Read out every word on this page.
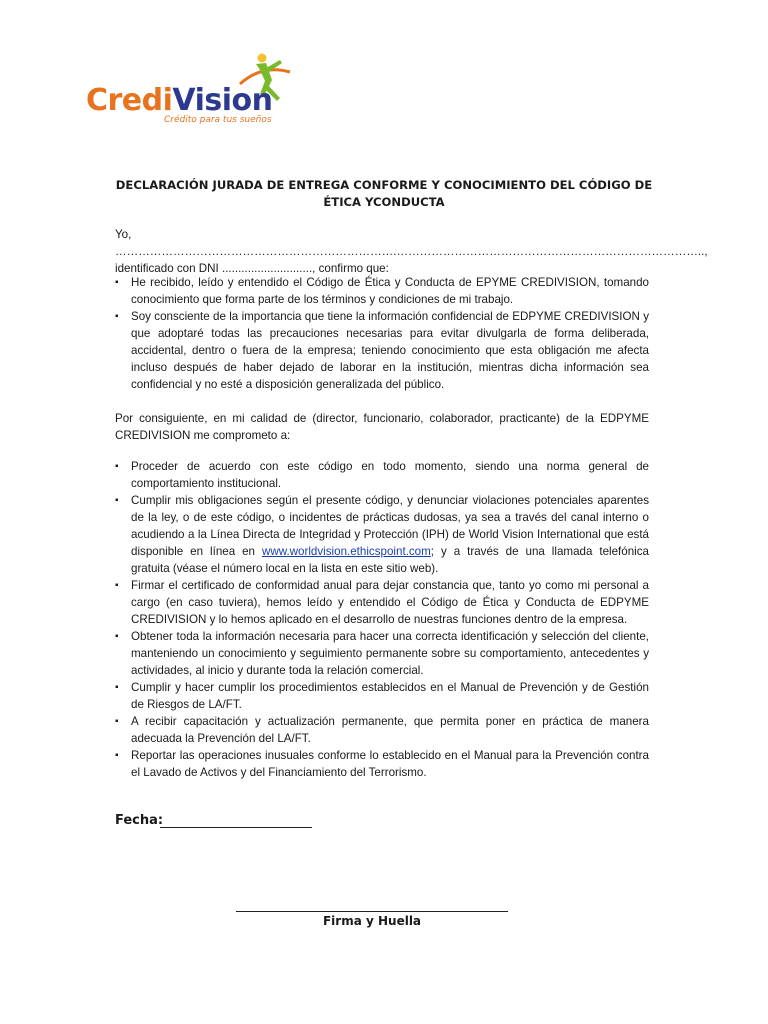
CrediVision
Crédito para tus sueños
DECLARACIÓN JURADA DE ENTREGA CONFORME Y CONOCIMIENTO DEL CÓDIGO DE ÉTICA YCONDUCTA

Yo, ……………………………………………………………….……………………………………………………………………..,

identificado con DNI ............................, confirmo que:

▪ He recibido, leído y entendido el Código de Ética y Conducta de EPYME CREDIVISION, tomando conocimiento que forma parte de los términos y condiciones de mi trabajo.
▪ Soy consciente de la importancia que tiene la información confidencial de EDPYME CREDIVISION y que adoptaré todas las precauciones necesarias para evitar divulgarla de forma deliberada, accidental, dentro o fuera de la empresa; teniendo conocimiento que esta obligación me afecta incluso después de haber dejado de laborar en la institución, mientras dicha información sea confidencial y no esté a disposición generalizada del público.
Por consiguiente, en mi calidad de (director, funcionario, colaborador, practicante) de la EDPYME CREDIVISION me comprometo a:
▪ Proceder de acuerdo con este código en todo momento, siendo una norma general de comportamiento institucional.
▪ Cumplir mis obligaciones según el presente código, y denunciar violaciones potenciales aparentes de la ley, o de este código, o incidentes de prácticas dudosas, ya sea a través del canal interno o acudiendo a la Línea Directa de Integridad y Protección (IPH) de World Vision International que está disponible en línea en www.worldvision.ethicspoint.com; y a través de una llamada telefónica gratuita (véase el número local en la lista en este sitio web).
▪ Firmar el certificado de conformidad anual para dejar constancia que, tanto yo como mi personal a cargo (en caso tuviera), hemos leído y entendido el Código de Ética y Conducta de EDPYME CREDIVISION y lo hemos aplicado en el desarrollo de nuestras funciones dentro de la empresa.
▪ Obtener toda la información necesaria para hacer una correcta identificación y selección del cliente, manteniendo un conocimiento y seguimiento permanente sobre su comportamiento, antecedentes y actividades, al inicio y durante toda la relación comercial.
▪ Cumplir y hacer cumplir los procedimientos establecidos en el Manual de Prevención y de Gestión de Riesgos de LA/FT.
▪ A recibir capacitación y actualización permanente, que permita poner en práctica de manera adecuada la Prevención del LA/FT.
▪ Reportar las operaciones inusuales conforme lo establecido en el Manual para la Prevención contra el Lavado de Activos y del Financiamiento del Terrorismo.
Fecha:
Firma y Huella
